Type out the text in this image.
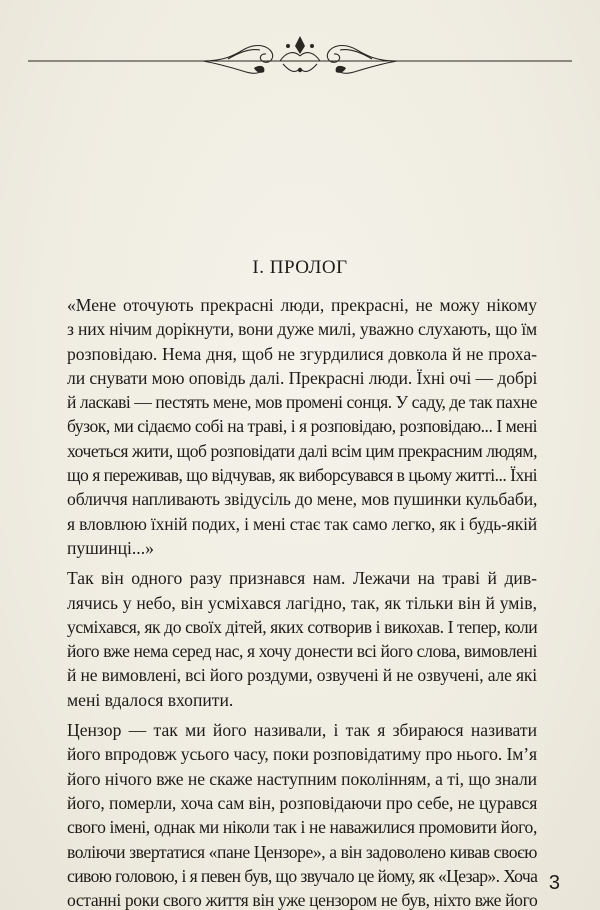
І. ПРОЛОГ

«Мене оточують прекрасні люди, прекрасні, не можу нікому
з них нічим дорікнути, вони дуже милі, уважно слухають, що їм
розповідаю. Нема дня, щоб не згурдилися довкола й не проха-
ли снувати мою оповідь далі. Прекрасні люди. Їхні очі — добрі
й ласкаві — пестять мене, мов промені сонця. У саду, де так пахне
бузок, ми сідаємо собі на траві, і я розповідаю, розповідаю... І мені
хочеться жити, щоб розповідати далі всім цим прекрасним людям,
що я переживав, що відчував, як виборсувався в цьому житті... Їхні
обличчя напливають звідусіль до мене, мов пушинки кульбаби,
я вловлюю їхній подих, і мені стає так само легко, як і будь-якій
пушинці...»

Так він одного разу признався нам. Лежачи на траві й див-
лячись у небо, він усміхався лагідно, так, як тільки він й умів,
усміхався, як до своїх дітей, яких сотворив і викохав. І тепер, коли
його вже нема серед нас, я хочу донести всі його слова, вимовлені
й не вимовлені, всі його роздуми, озвучені й не озвучені, але які
мені вдалося вхопити.

Цензор — так ми його називали, і так я збираюся називати
його впродовж усього часу, поки розповідатиму про нього. Ім’я
його нічого вже не скаже наступним поколінням, а ті, що знали
його, померли, хоча сам він, розповідаючи про себе, не цурався
свого імені, однак ми ніколи так і не наважилися промовити його,
воліючи звертатися «пане Цензоре», а він задоволено кивав своєю
сивою головою, і я певен був, що звучало це йому, як «Цезар». Хоча
останні роки свого життя він уже цензором не був, ніхто вже його

3
